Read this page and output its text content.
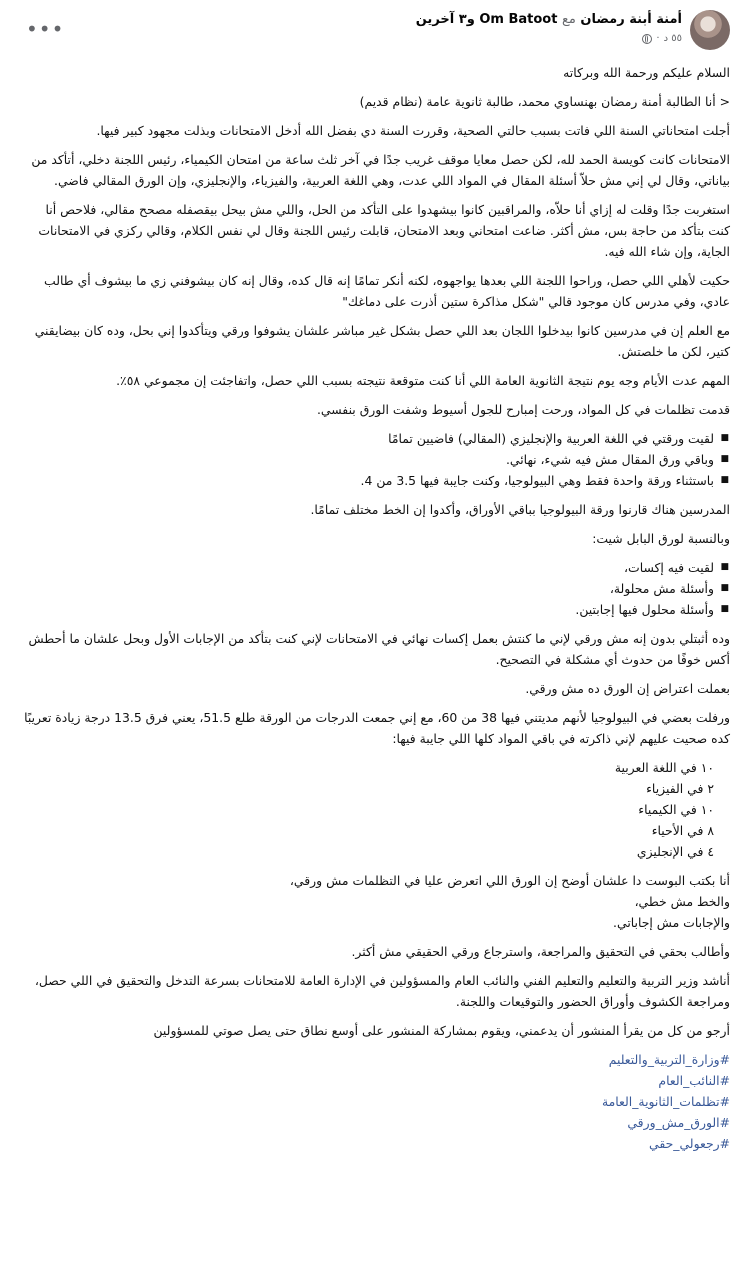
أمنة أبنة رمضان مع Om Batoot و٣ آخرين
٥٥ د
·
•••

السلام عليكم ورحمة الله وبركاته

< أنا الطالبة أمنة رمضان بهنساوي محمد، طالبة ثانوية عامة (نظام قديم)

أجلت امتحاناتي السنة اللي فاتت بسبب حالتي الصحية، وقررت السنة دي بفضل الله أدخل الامتحانات وبذلت مجهود كبير فيها.

الامتحانات كانت كويسة الحمد لله، لكن حصل معايا موقف غريب جدًا في آخر ثلث ساعة من امتحان الكيمياء، رئيس اللجنة دخلي، أتأكد من بياناتي، وقال لي إني مش حلاّ أسئلة المقال في المواد اللي عدت، وهي اللغة العربية، والفيزياء، والإنجليزي، وإن الورق المقالي فاضي.

استغربت جدًا وقلت له إزاي أنا حلاّه، والمراقبين كانوا بيشهدوا على التأكد من الحل، واللي مش بيحل بيقصفله مصحح مقالي، فلاحص أنا كنت بتأكد من حاجة بس، مش أكثر. ضاعت امتحاني وبعد الامتحان، قابلت رئيس اللجنة وقال لي نفس الكلام، وقالي ركزي في الامتحانات الجاية، وإن شاء الله فيه.

حكيت لأهلي اللي حصل، وراحوا اللجنة اللي بعدها يواجهوه، لكنه أنكر تمامًا إنه قال كده، وقال إنه كان بيشوفني زي ما بيشوف أي طالب عادي، وفي مدرس كان موجود قالي "شكل مذاكرة ستين أذرت على دماغك"

مع العلم إن في مدرسين كانوا بيدخلوا اللجان بعد اللي حصل بشكل غير مباشر علشان يشوفوا ورقي ويتأكدوا إني بحل، وده كان بيضايقني كتير، لكن ما خلصتش.

المهم عدت الأيام وجه يوم نتيجة الثانوية العامة اللي أنا كنت متوقعة نتيجته بسبب اللي حصل، واتفاجئت إن مجموعي ٥٨٪.

قدمت تظلمات في كل المواد، ورحت إمبارح للجول أسيوط وشفت الورق بنفسي.

■ لقيت ورقتي في اللغة العربية والإنجليزي (المقالي) فاضيين تمامًا
■ وباقي ورق المقال مش فيه شيء، نهائي.
■ باستثناء ورقة واحدة فقط وهي البيولوجيا، وكنت جايبة فيها 3.5 من 4.

المدرسين هناك قارنوا ورقة البيولوجيا بباقي الأوراق، وأكدوا إن الخط مختلف تمامًا.

وبالنسبة لورق البابل شيت:

■ لقيت فيه إكسات،
■ وأسئلة مش محلولة،
■ وأسئلة محلول فيها إجابتين.

وده أثبتلي بدون إنه مش ورقي لإني ما كنتش بعمل إكسات نهائي في الامتحانات لإني كنت بتأكد من الإجابات الأول وبحل علشان ما أحطش أكس خوفًا من حدوث أي مشكلة في التصحيح.

بعملت اعتراض إن الورق ده مش ورقي.

ورفلت بعضي في البيولوجيا لأنهم مديتني فيها 38 من 60، مع إني جمعت الدرجات من الورقة طلع 51.5، يعني فرق 13.5 درجة زيادة تعريبًا كده صحيت عليهم لإني ذاكرته في باقي المواد كلها اللي جايبة فيها:

١٠ في اللغة العربية
٢ في الفيزياء
١٠ في الكيمياء
٨ في الأحياء
٤ في الإنجليزي

أنا بكتب البوست دا علشان أوضح إن الورق اللي اتعرض عليا في التظلمات مش ورقي،

والخط مش خطي،

والإجابات مش إجاباتي.

وأطالب بحقي في التحقيق والمراجعة، واسترجاع ورقي الحقيقي مش أكثر.

أناشد وزير التربية والتعليم والتعليم الفني والنائب العام والمسؤولين في الإدارة العامة للامتحانات بسرعة التدخل والتحقيق في اللي حصل، ومراجعة الكشوف وأوراق الحضور والتوقيعات واللجنة.

أرجو من كل من يقرأ المنشور أن يدعمني، ويقوم بمشاركة المنشور على أوسع نطاق حتى يصل صوتي للمسؤولين

#وزارة_التربية_والتعليم
#النائب_العام
#تظلمات_الثانوية_العامة
#الورق_مش_ورقي
#رجعولي_حقي
